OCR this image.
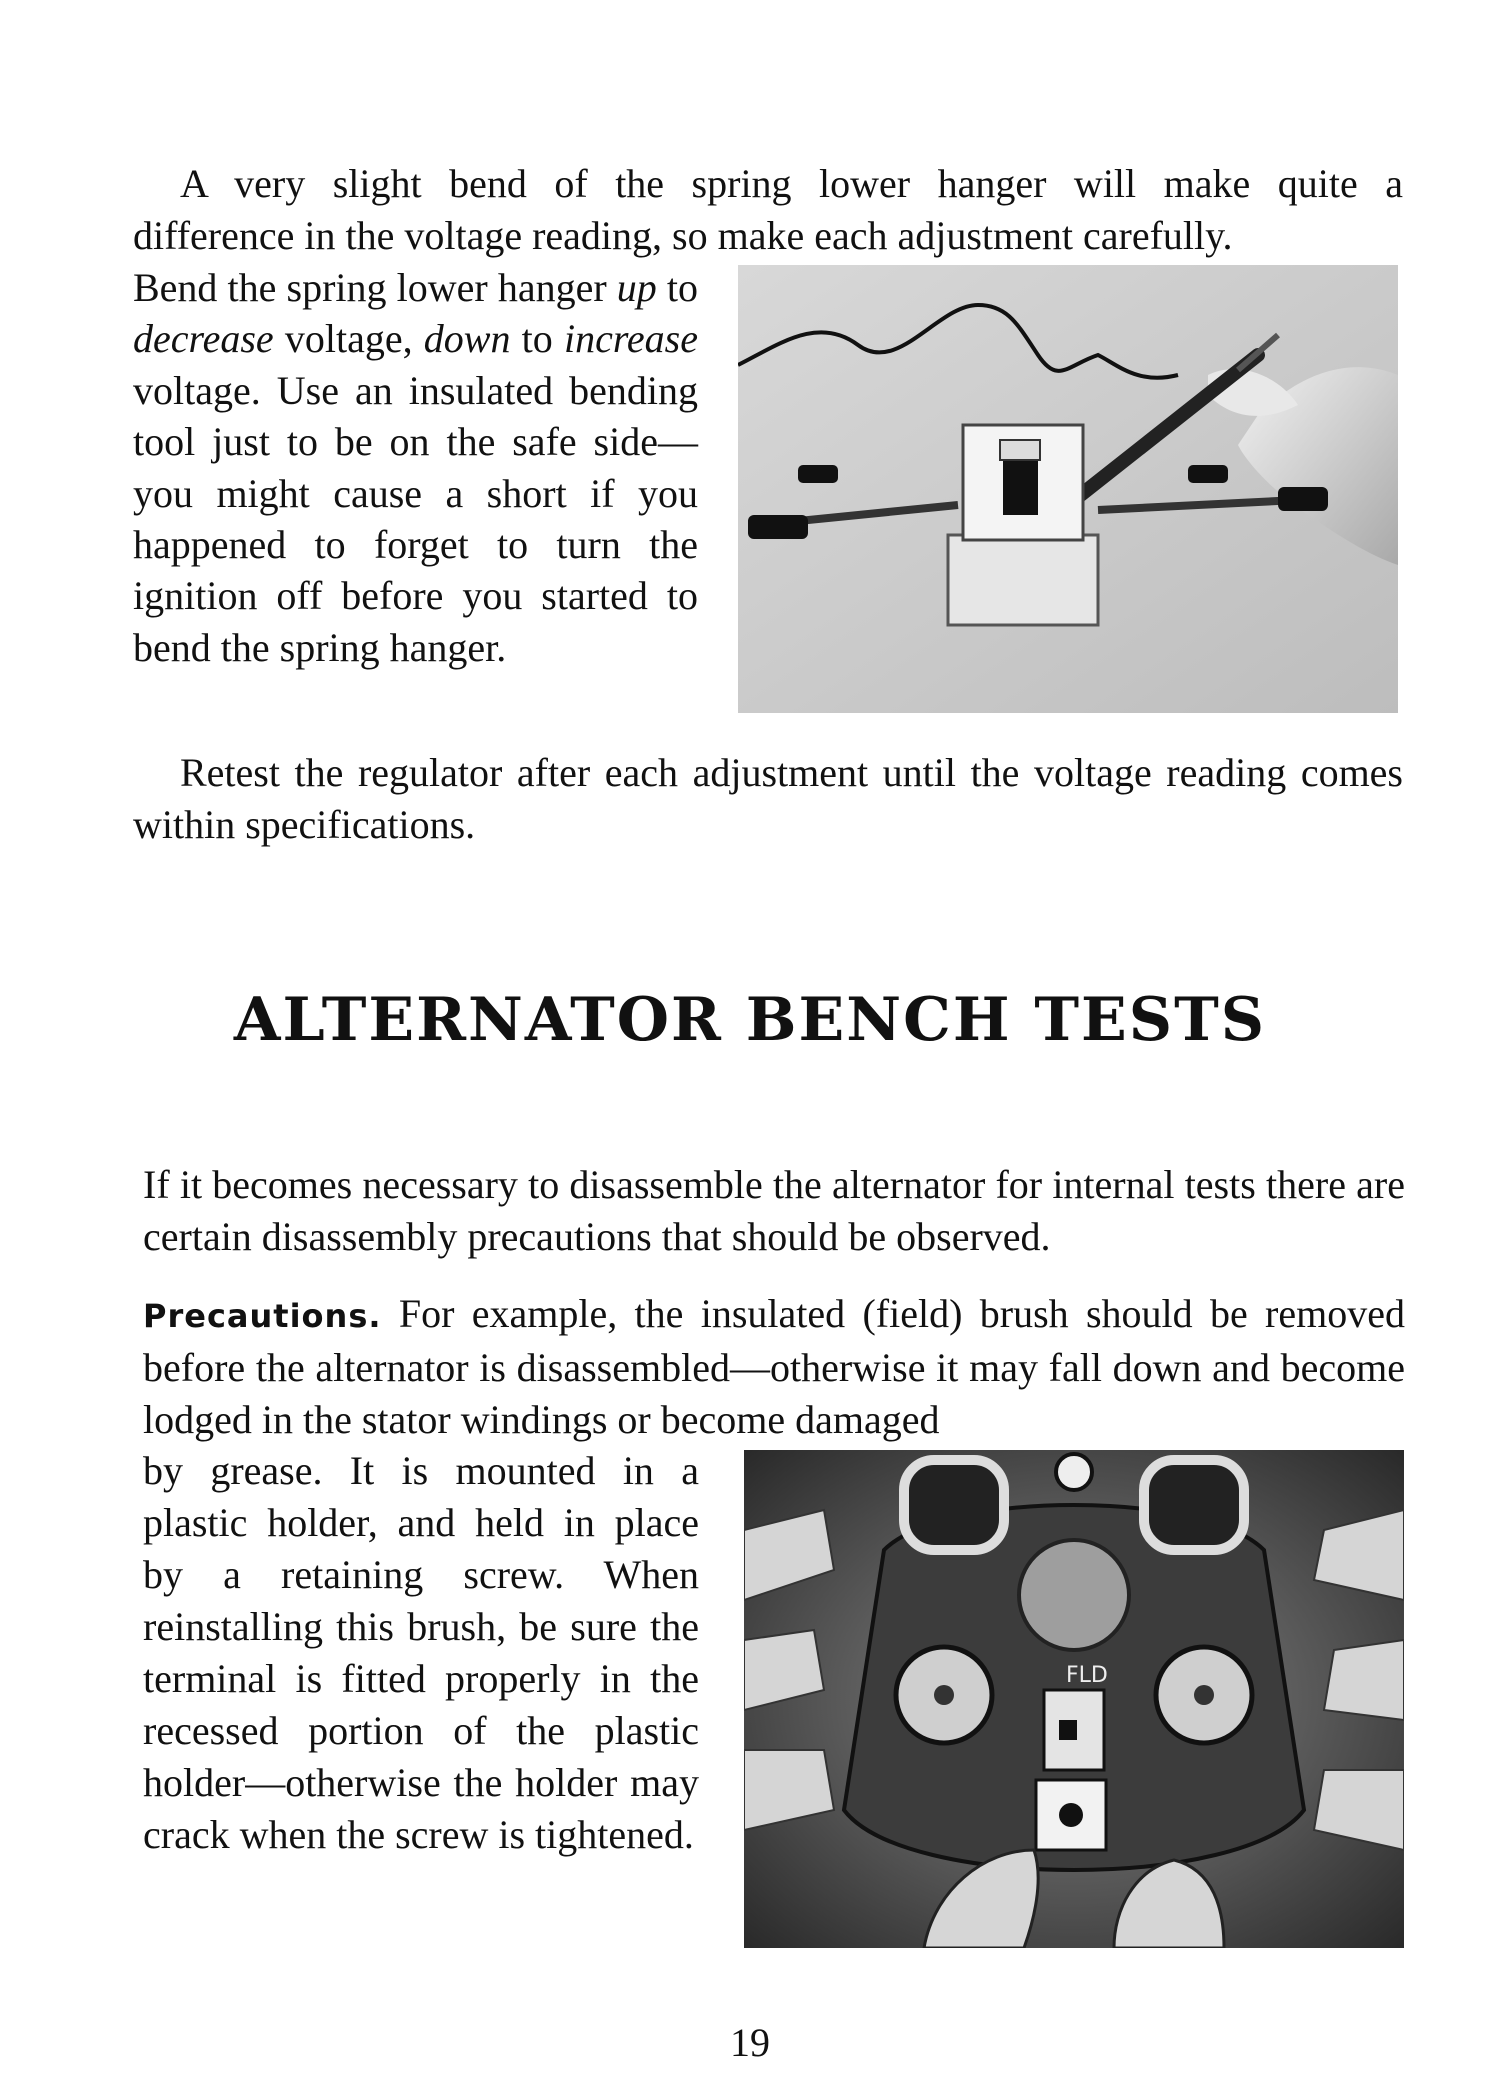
A very slight bend of the spring lower hanger will make quite a
difference in the voltage reading, so make each adjustment carefully.

Bend the spring lower hanger up to decrease voltage, down to increase voltage. Use an insulated bending tool just to be on the safe side—you might cause a short if you happened to forget to turn the ignition off before you started to bend the spring hanger.

Retest the regulator after each adjustment until the voltage reading comes within specifications.

ALTERNATOR BENCH TESTS

If it becomes necessary to disassemble the alternator for internal tests there are certain disassembly precautions that should be observed.

Precautions. For example, the insulated (field) brush should be removed before the alternator is disassembled—otherwise it may fall down and become lodged in the stator windings or become damaged

by grease. It is mounted in a plastic holder, and held in place by a retaining screw. When reinstalling this brush, be sure the terminal is fitted properly in the recessed portion of the plastic holder—otherwise the holder may crack when the screw is tightened.

FLD
19
